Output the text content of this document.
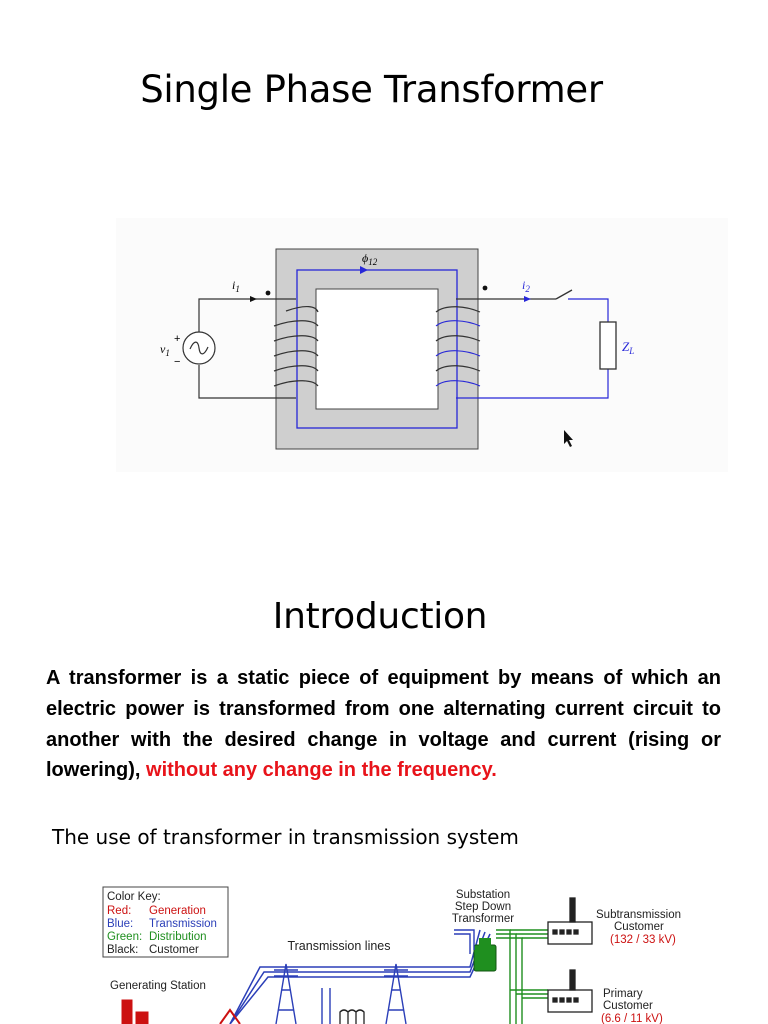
Single Phase Transformer
$\phi_{12}$
$i_1$
$v_1$
+
−
$i_2$
$Z_L$
Introduction

A transformer is a static piece of equipment by means of which an electric power is transformed from one alternating current circuit to another with the desired change in voltage and current (rising or lowering), without any change in the frequency.

The use of transformer in transmission system

Color Key:
Red: Generation
Blue: Transmission
Green: Distribution
Black: Customer
Substation
Step Down
Transformer
Transmission lines
Generating Station
Subtransmission
Customer
(132 / 33 kV)
Primary
Customer
(6.6 / 11 kV)
